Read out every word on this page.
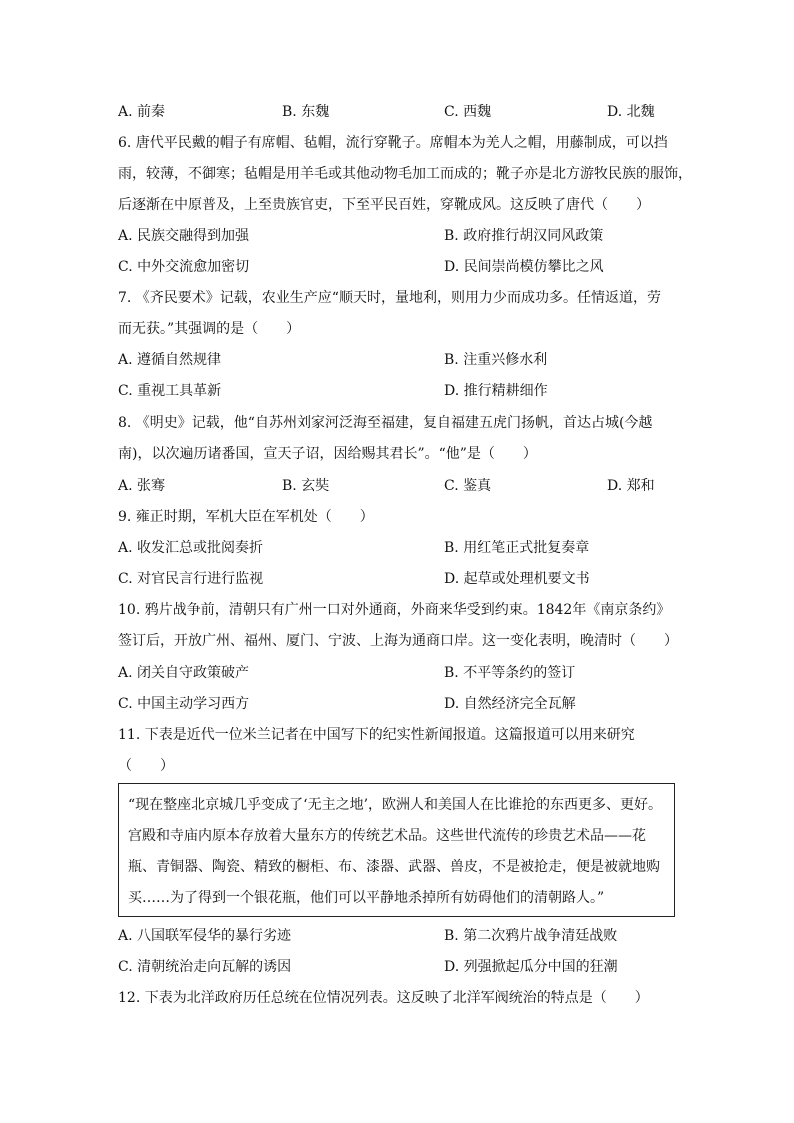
A. 前秦	B. 东魏	C. 西魏	D. 北魏
6. 唐代平民戴的帽子有席帽、毡帽，流行穿靴子。席帽本为羌人之帽，用藤制成，可以挡
雨，较薄，不御寒；毡帽是用羊毛或其他动物毛加工而成的；靴子亦是北方游牧民族的服饰，
后逐渐在中原普及，上至贵族官吏，下至平民百姓，穿靴成风。这反映了唐代（　　）
A. 民族交融得到加强	B. 政府推行胡汉同风政策
C. 中外交流愈加密切	D. 民间崇尚模仿攀比之风
7. 《齐民要术》记载，农业生产应“顺天时，量地利，则用力少而成功多。任情返道，劳
而无获。”其强调的是（　　）
A. 遵循自然规律	B. 注重兴修水利
C. 重视工具革新	D. 推行精耕细作
8. 《明史》记载，他“自苏州刘家河泛海至福建，复自福建五虎门扬帆，首达占城(今越
南)，以次遍历诸番国，宣天子诏，因给赐其君长”。“他”是（　　）
A. 张骞	B. 玄奘	C. 鉴真	D. 郑和
9. 雍正时期，军机大臣在军机处（　　）
A. 收发汇总或批阅奏折	B. 用红笔正式批复奏章
C. 对官民言行进行监视	D. 起草或处理机要文书
10. 鸦片战争前，清朝只有广州一口对外通商，外商来华受到约束。1842年《南京条约》
签订后，开放广州、福州、厦门、宁波、上海为通商口岸。这一变化表明，晚清时（　　）
A. 闭关自守政策破产	B. 不平等条约的签订
C. 中国主动学习西方	D. 自然经济完全瓦解
11. 下表是近代一位米兰记者在中国写下的纪实性新闻报道。这篇报道可以用来研究
（　　）
“现在整座北京城几乎变成了‘无主之地’，欧洲人和美国人在比谁抢的东西更多、更好。
宫殿和寺庙内原本存放着大量东方的传统艺术品。这些世代流传的珍贵艺术品——花
瓶、青铜器、陶瓷、精致的橱柜、布、漆器、武器、兽皮，不是被抢走，便是被就地购
买……为了得到一个银花瓶，他们可以平静地杀掉所有妨碍他们的清朝路人。”
A. 八国联军侵华的暴行劣迹	B. 第二次鸦片战争清廷战败
C. 清朝统治走向瓦解的诱因	D. 列强掀起瓜分中国的狂潮
12. 下表为北洋政府历任总统在位情况列表。这反映了北洋军阀统治的特点是（　　）
